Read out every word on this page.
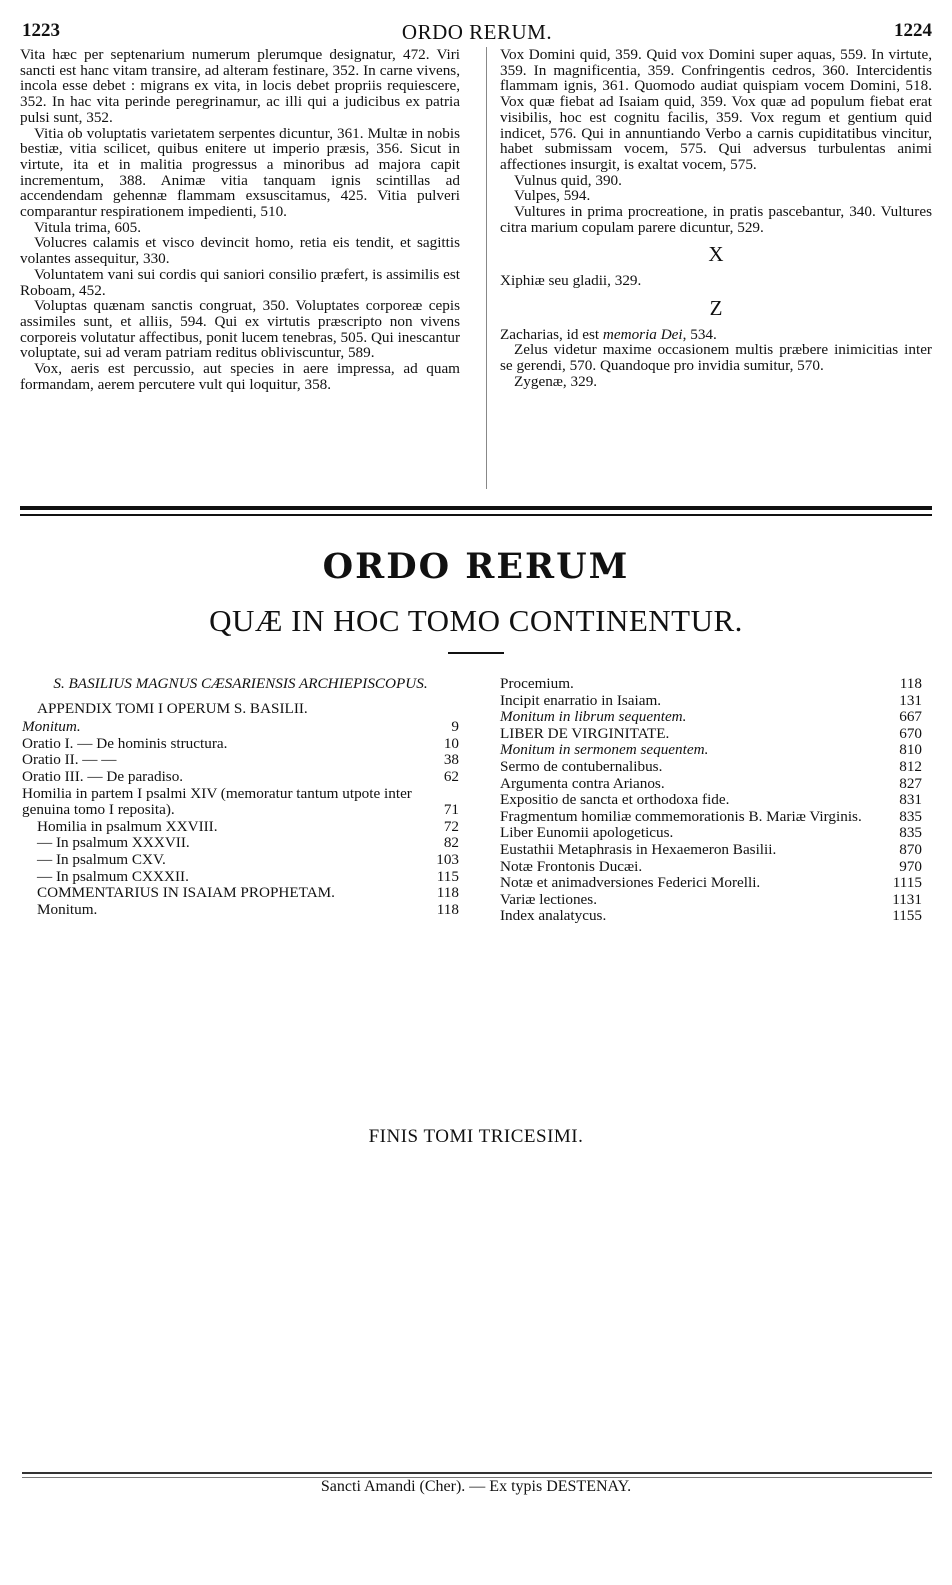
1223	ORDO RERUM.	1224

Vita hæc per septenarium numerum plerumque designatur, 472. Viri sancti est hanc vitam transire, ad alteram festinare, 352. In carne vivens, incola esse debet : migrans ex vita, in locis debet propriis requiescere, 352. In hac vita perinde peregrinamur, ac illi qui a judicibus ex patria pulsi sunt, 352.

Vitia ob voluptatis varietatem serpentes dicuntur, 361. Multæ in nobis bestiæ, vitia scilicet, quibus enitere ut imperio præsis, 356. Sicut in virtute, ita et in malitia progressus a minoribus ad majora capit incrementum, 388. Animæ vitia tanquam ignis scintillas ad accendendam gehennæ flammam exsuscitamus, 425. Vitia pulveri comparantur respirationem impedienti, 510.

Vitula trima, 605.

Volucres calamis et visco devincit homo, retia eis tendit, et sagittis volantes assequitur, 330.

Voluntatem vani sui cordis qui saniori consilio præfert, is assimilis est Roboam, 452.

Voluptas quænam sanctis congruat, 350. Voluptates corporeæ cepis assimiles sunt, et alliis, 594. Qui ex virtutis præscripto non vivens corporeis volutatur affectibus, ponit lucem tenebras, 505. Qui inescantur voluptate, sui ad veram patriam reditus obliviscuntur, 589.

Vox, aeris est percussio, aut species in aere impressa, ad quam formandam, aerem percutere vult qui loquitur, 358.

Vox Domini quid, 359. Quid vox Domini super aquas, 559. In virtute, 359. In magnificentia, 359. Confringentis cedros, 360. Intercidentis flammam ignis, 361. Quomodo audiat quispiam vocem Domini, 518. Vox quæ fiebat ad Isaiam quid, 359. Vox quæ ad populum fiebat erat visibilis, hoc est cognitu facilis, 359. Vox regum et gentium quid indicet, 576. Qui in annuntiando Verbo a carnis cupiditatibus vincitur, habet submissam vocem, 575. Qui adversus turbulentas animi affectiones insurgit, is exaltat vocem, 575.

Vulnus quid, 390.

Vulpes, 594.

Vultures in prima procreatione, in pratis pascebantur, 340. Vultures citra marium copulam parere dicuntur, 529.

X

Xiphiæ seu gladii, 329.

Z

Zacharias, id est memoria Dei, 534.

Zelus videtur maxime occasionem multis præbere inimicitias inter se gerendi, 570. Quandoque pro invidia sumitur, 570.

Zygenæ, 329.

ORDO RERUM
QUÆ IN HOC TOMO CONTINENTUR.
S. BASILIUS MAGNUS CÆSARIENSIS ARCHIEPISCOPUS.
APPENDIX TOMI I OPERUM S. BASILII.
Monitum.	9
Oratio I. — De hominis structura.	10
Oratio II. — —	38
Oratio III. — De paradiso.	62
Homilia in partem I psalmi XIV (memoratur tantum utpote inter genuina tomo I reposita).	71
Homilia in psalmum XXVIII.	72
— In psalmum XXXVII.	82
— In psalmum CXV.	103
— In psalmum CXXXII.	115
COMMENTARIUS IN ISAIAM PROPHETAM.	118
Monitum.	118
Procemium.	118
Incipit enarratio in Isaiam.	131
Monitum in librum sequentem.	667
LIBER DE VIRGINITATE.	670
Monitum in sermonem sequentem.	810
Sermo de contubernalibus.	812
Argumenta contra Arianos.	827
Expositio de sancta et orthodoxa fide.	831
Fragmentum homiliæ commemorationis B. Mariæ Virginis.	835
Liber Eunomii apologeticus.	835
Eustathii Metaphrasis in Hexaemeron Basilii.	870
Notæ Frontonis Ducæi.	970
Notæ et animadversiones Federici Morelli.	1115
Variæ lectiones.	1131
Index analatycus.	1155
FINIS TOMI TRICESIMI.
Sancti Amandi (Cher). — Ex typis DESTENAY.
